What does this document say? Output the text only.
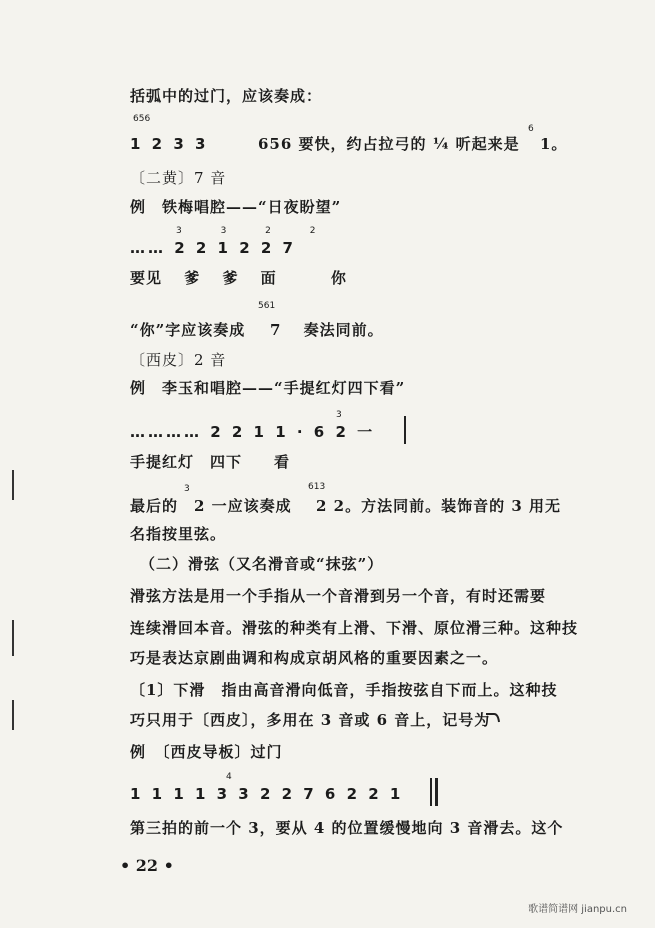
括弧中的过门，应该奏成：
656
1 2 3 3	656 要快，约占拉弓的 ¼ 听起来是
6
1。
〔二黄〕7 音
例　铁梅唱腔——“日夜盼望”
3 3 2 2
…… 2 2 1 2 2 7
要见　 爹　 爹　 面　　　 你
“你”字应该奏成
561
7　 奏法同前。
〔西皮〕2 音
例　李玉和唱腔——“手提红灯四下看”
3
………… 2 2 1 1 · 6 2 一
手提红灯　四下　　看
最后的
3
2 一应该奏成
613
2 2。方法同前。装饰音的 3 用无
名指按里弦。
（二）滑弦（又名滑音或“抹弦”）
滑弦方法是用一个手指从一个音滑到另一个音，有时还需要
连续滑回本音。滑弦的种类有上滑、下滑、原位滑三种。这种技
巧是表达京剧曲调和构成京胡风格的重要因素之一。
〔1〕下滑　指由高音滑向低音，手指按弦自下而上。这种技
巧只用于〔西皮〕，多用在 3 音或 6 音上，记号为
例　〔西皮导板〕过门
4
1 1 1 1 3 3 2 2 7 6 2 2 1
第三拍的前一个 3，要从 4 的位置缓慢地向 3 音滑去。这个
• 22 •
歌谱简谱网 jianpu.cn
